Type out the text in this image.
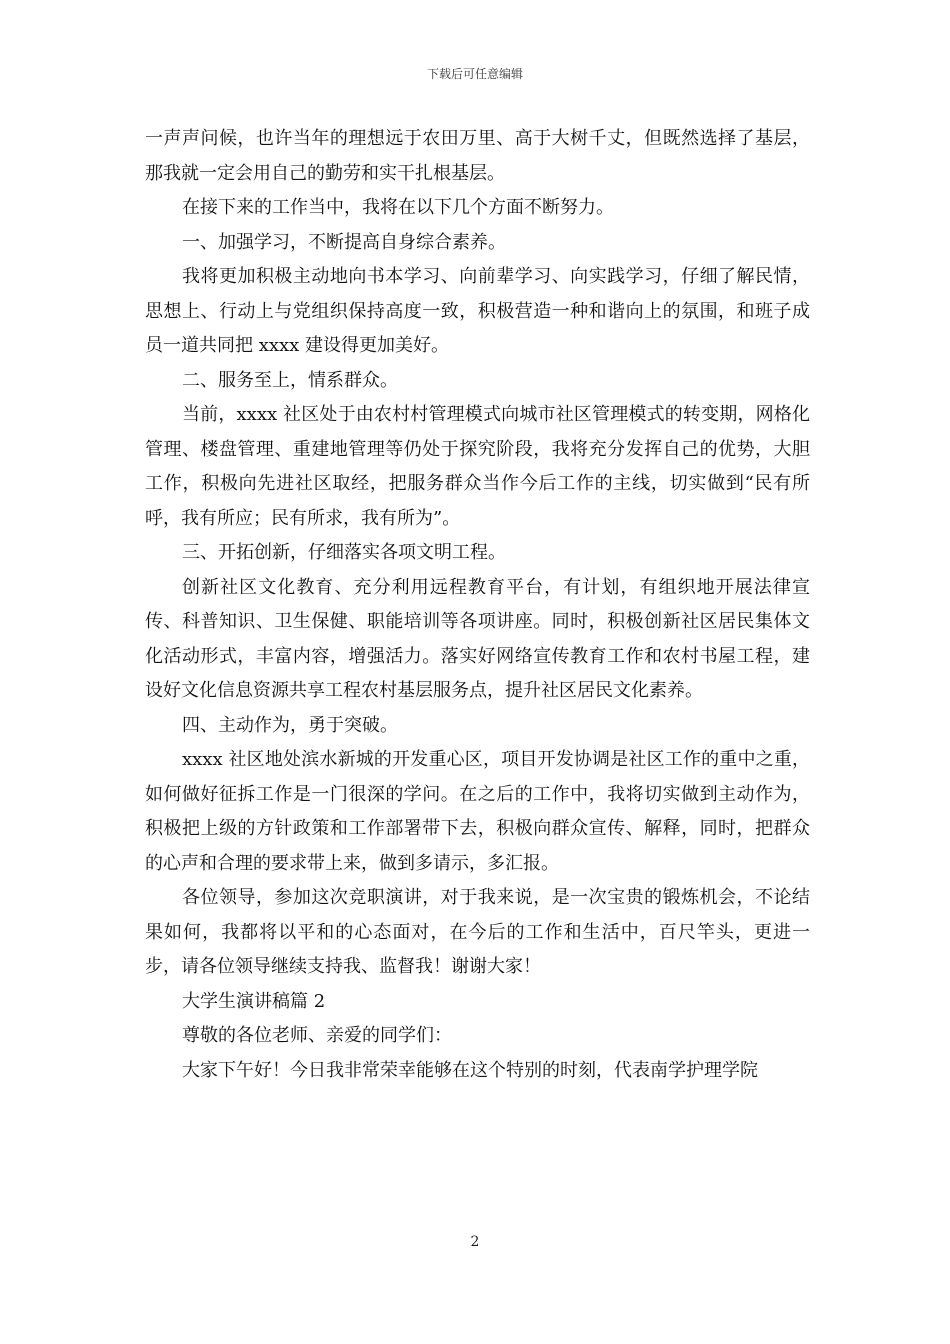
下载后可任意编辑

一声声问候，也许当年的理想远于农田万里、高于大树千丈，但既然选择了基层，那我就一定会用自己的勤劳和实干扎根基层。

在接下来的工作当中，我将在以下几个方面不断努力。

一、加强学习，不断提高自身综合素养。

我将更加积极主动地向书本学习、向前辈学习、向实践学习，仔细了解民情，思想上、行动上与党组织保持高度一致，积极营造一种和谐向上的氛围，和班子成员一道共同把 xxxx 建设得更加美好。

二、服务至上，情系群众。

当前，xxxx 社区处于由农村村管理模式向城市社区管理模式的转变期，网格化管理、楼盘管理、重建地管理等仍处于探究阶段，我将充分发挥自己的优势，大胆工作，积极向先进社区取经，把服务群众当作今后工作的主线，切实做到“民有所呼，我有所应；民有所求，我有所为”。

三、开拓创新，仔细落实各项文明工程。

创新社区文化教育、充分利用远程教育平台，有计划，有组织地开展法律宣传、科普知识、卫生保健、职能培训等各项讲座。同时，积极创新社区居民集体文化活动形式，丰富内容，增强活力。落实好网络宣传教育工作和农村书屋工程，建设好文化信息资源共享工程农村基层服务点，提升社区居民文化素养。

四、主动作为，勇于突破。

xxxx 社区地处滨水新城的开发重心区，项目开发协调是社区工作的重中之重，如何做好征拆工作是一门很深的学问。在之后的工作中，我将切实做到主动作为，积极把上级的方针政策和工作部署带下去，积极向群众宣传、解释，同时，把群众的心声和合理的要求带上来，做到多请示，多汇报。

各位领导，参加这次竞职演讲，对于我来说，是一次宝贵的锻炼机会，不论结果如何，我都将以平和的心态面对，在今后的工作和生活中，百尺竿头，更进一步，请各位领导继续支持我、监督我！谢谢大家！

大学生演讲稿篇 2

尊敬的各位老师、亲爱的同学们：

大家下午好！今日我非常荣幸能够在这个特别的时刻，代表南学护理学院

2
